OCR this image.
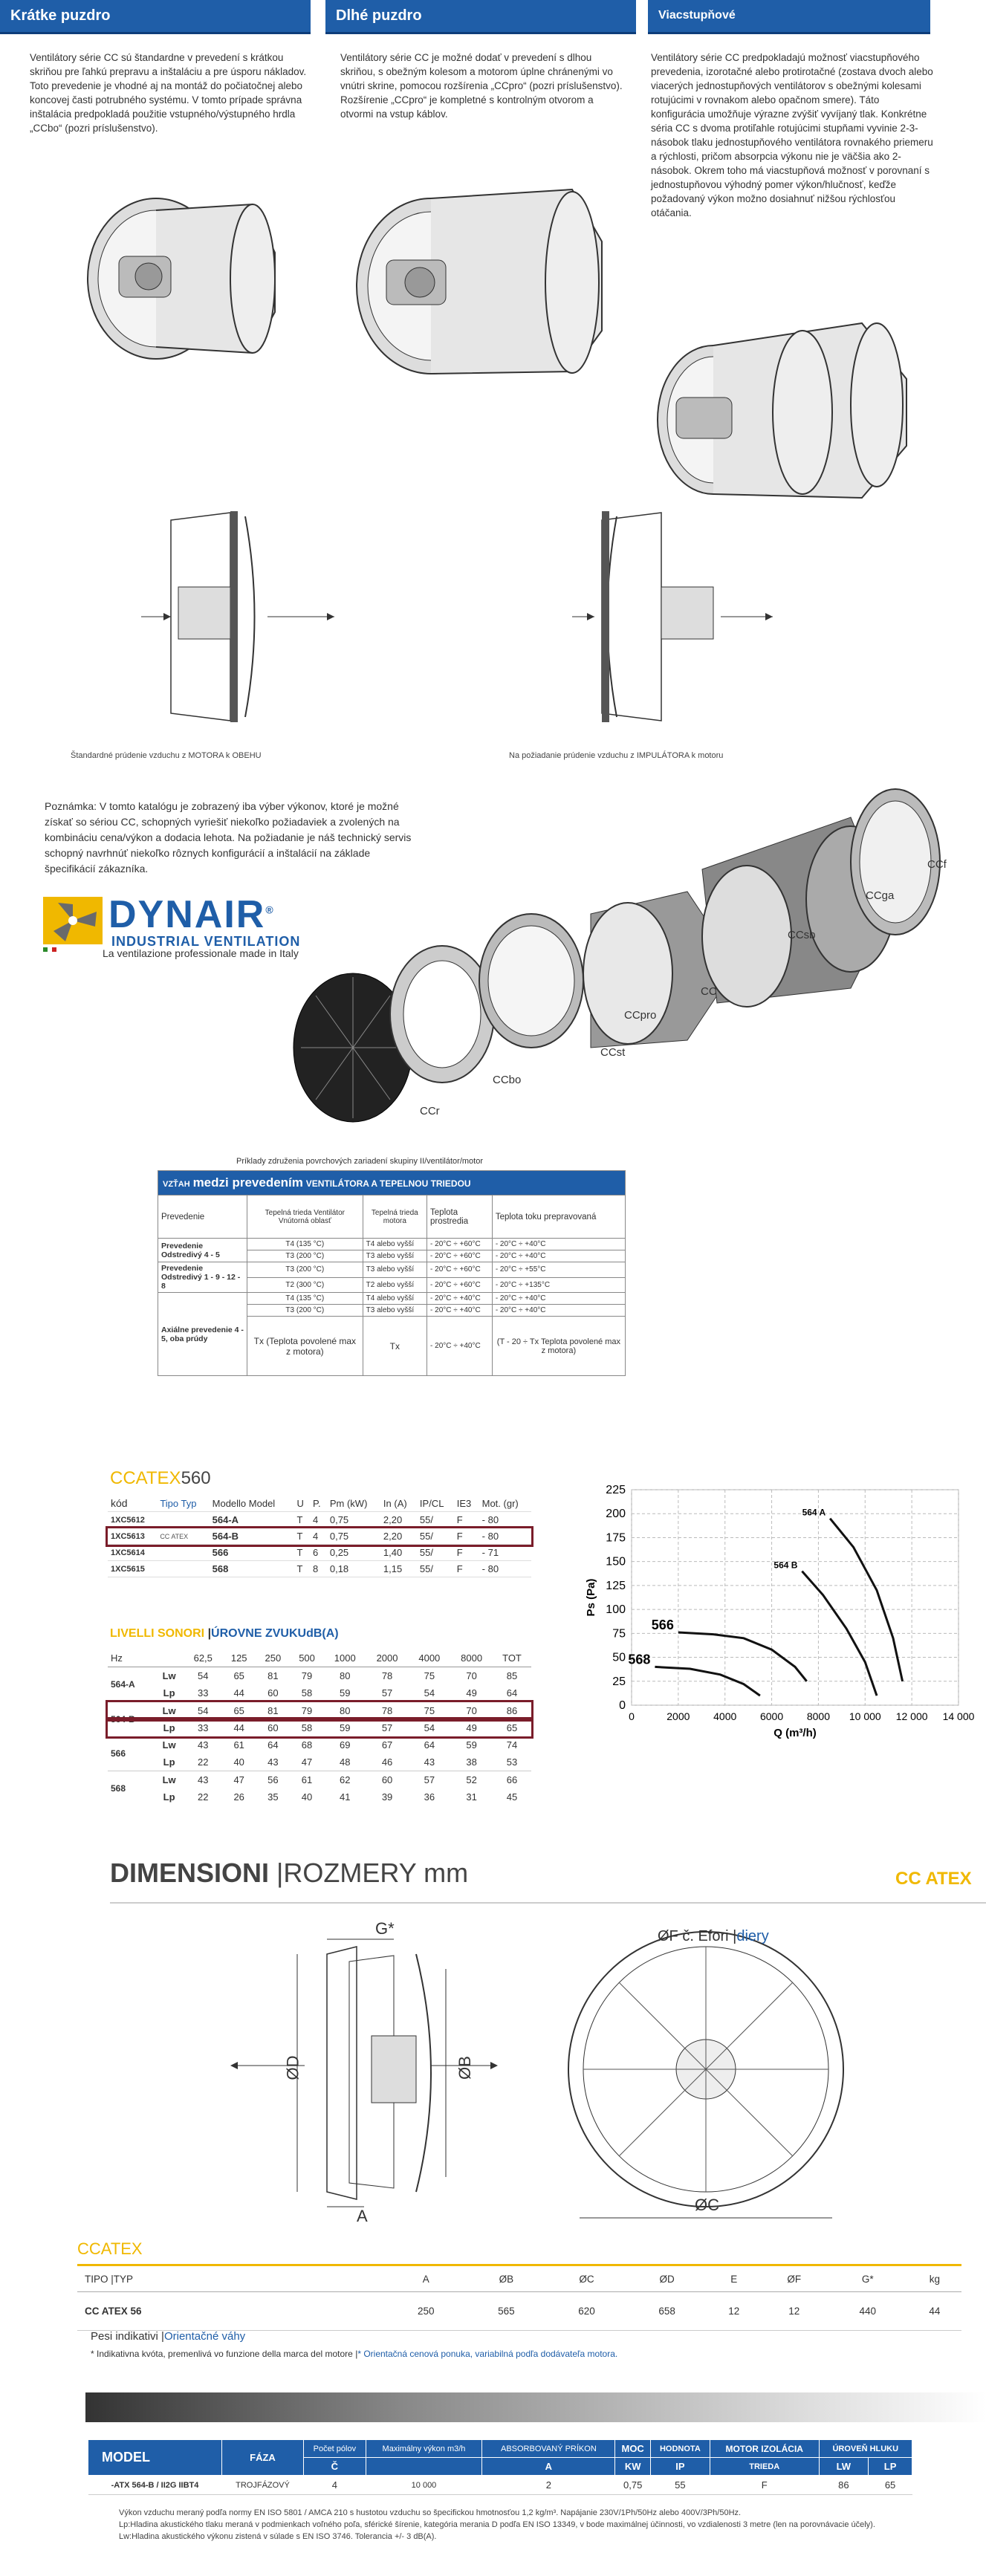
Krátke puzdro	Dlhé puzdro	Viacstupňové
Ventilátory série CC sú štandardne v prevedení s krátkou skriňou pre ľahkú prepravu a inštaláciu a pre úsporu nákladov. Toto prevedenie je vhodné aj na montáž do počiatočnej alebo koncovej časti potrubného systému. V tomto prípade správna inštalácia predpokladá použitie vstupného/výstupného hrdla „CCbo“ (pozri príslušenstvo).
Ventilátory série CC je možné dodať v prevedení s dlhou skriňou, s obežným kolesom a motorom úplne chránenými vo vnútri skrine, pomocou rozšírenia „CCpro“ (pozri príslušenstvo). Rozšírenie „CCpro“ je kompletné s kontrolným otvorom a otvormi na vstup káblov.
Ventilátory série CC predpokladajú možnosť viacstupňového prevedenia, izorotačné alebo protirotačné (zostava dvoch alebo viacerých jednostupňových ventilátorov s obežnými kolesami rotujúcimi v rovnakom alebo opačnom smere). Táto konfigurácia umožňuje výrazne zvýšiť vyvíjaný tlak. Konkrétne séria CC s dvoma protiľahle rotujúcimi stupňami vyvinie 2-3-násobok tlaku jednostupňového ventilátora rovnakého priemeru a rýchlosti, pričom absorpcia výkonu nie je väčšia ako 2-násobok. Okrem toho má viacstupňová možnosť v porovnaní s jednostupňovou výhodný pomer výkon/hlučnosť, keďže požadovaný výkon možno dosiahnuť nižšou rýchlosťou otáčania.
Štandardné prúdenie vzduchu z MOTORA k OBEHU	Na požiadanie prúdenie vzduchu z IMPULÁTORA k motoru
Poznámka: V tomto katalógu je zobrazený iba výber výkonov, ktoré je možné získať so sériou CC, schopných vyriešiť niekoľko požiadaviek a zvolených na kombináciu cena/výkon a dodacia lehota. Na požiadanie je náš technický servis schopný navrhnúť niekoľko rôznych konfigurácií a inštalácií na základe špecifikácií zákazníka.
DYNAIR®
INDUSTRIAL VENTILATION
La ventilazione professionale made in Italy
CCf
CCga
CCsb
CC
CCpro
CCst
CCbo
CCr
Príklady združenia povrchových zariadení skupiny II/ventilátor/motor
VZŤAH medzi prevedením VENTILÁTORA A TEPELNOU TRIEDOU				
Prevedenie	Tepelná trieda Ventilátor Vnútorná oblasť	Tepelná trieda motora	Teplota prostredia	Teplota toku prepravovaná
Prevedenie Odstredivý 4 - 5	T4 (135 °C)	T4 alebo vyšší	- 20°C ÷ +60°C	- 20°C ÷ +40°C
	T3 (200 °C)	T3 alebo vyšší	- 20°C ÷ +60°C	- 20°C ÷ +40°C
Prevedenie Odstredivý 1 - 9 - 12 - 8	T3 (200 °C)	T3 alebo vyšší	- 20°C ÷ +60°C	- 20°C ÷ +55°C
	T2 (300 °C)	T2 alebo vyšší	- 20°C ÷ +60°C	- 20°C ÷ +135°C
Axiálne prevedenie 4 - 5, oba prúdy	T4 (135 °C)	T4 alebo vyšší	- 20°C ÷ +40°C	- 20°C ÷ +40°C
	T3 (200 °C)	T3 alebo vyšší	- 20°C ÷ +40°C	- 20°C ÷ +40°C
	Tx (Teplota povolené max z motora)	Tx	- 20°C ÷ +40°C	(T - 20 ÷ Tx Teplota povolené max z motora)
CCATEX560
kód	Tipo Typ	Modello Model	U	P.	Pm (kW)	In (A)	IP/CL	IE3	Mot. (gr)
1XC5612		564-A	T	4	0,75	2,20	55/	F	- 80
1XC5613	CC ATEX	564-B	T	4	0,75	2,20	55/	F	- 80
1XC5614		566	T	6	0,25	1,40	55/	F	- 71
1XC5615		568	T	8	0,18	1,15	55/	F	- 80
LIVELLI SONORI |ÚROVNE ZVUKUdB(A)
Hz		62,5	125	250	500	1000	2000	4000	8000	TOT
564-A	Lw	54	65	81	79	80	78	75	70	85
	Lp	33	44	60	58	59	57	54	49	64
564-B	Lw	54	65	81	79	80	78	75	70	86
	Lp	33	44	60	58	59	57	54	49	65
566	Lw	43	61	64	68	69	67	64	59	74
	Lp	22	40	43	47	48	46	43	38	53
568	Lw	43	47	56	61	62	60	57	52	66
	Lp	22	26	35	40	41	39	36	31	45
0
25
50
75
100
125
150
175
200
225
0	2000 4000 6000 8000 10 000 12 000 14 000
Q (m³/h)
Ps (Pa)
564 A
564 B
566
568
DIMENSIONI |ROZMERY mm	CC ATEX
G*
A
ØD	ØB
ØC
ØF č. Efori |diery
CCATEX
TIPO |TYP	A	ØB	ØC	ØD	E	ØF	G*	kg
CC ATEX 56	250	565	620	658	12	12	440	44
Pesi indikativi |Orientačné váhy
* Indikativna kvóta, premenlivá vo funzione della marca del motore |* Orientačná cenová ponuka, variabilná podľa dodávateľa motora.
MODEL	FÁZA	Počet pólov	Maximálny výkon m3/h	ABSORBOVANÝ PRÍKON	MOC	HODNOTA	MOTOR IZOLÁCIA	ÚROVEŇ HLUKU	
		Č		A	KW	IP	TRIEDA	LW	LP
-ATX 564-B / II2G IIBT4	TROJFÁZOVÝ	4	10 000	2	0,75	55	F	86	65
Výkon vzduchu meraný podľa normy EN ISO 5801 / AMCA 210 s hustotou vzduchu so špecifickou hmotnosťou 1,2 kg/m³. Napájanie 230V/1Ph/50Hz alebo 400V/3Ph/50Hz.
Lp:Hladina akustického tlaku meraná v podmienkach voľného poľa, sférické šírenie, kategória merania D podľa EN ISO 13349, v bode maximálnej účinnosti, vo vzdialenosti 3 metre (len na porovnávacie účely).
Lw:Hladina akustického výkonu zistená v súlade s EN ISO 3746. Tolerancia +/- 3 dB(A).
